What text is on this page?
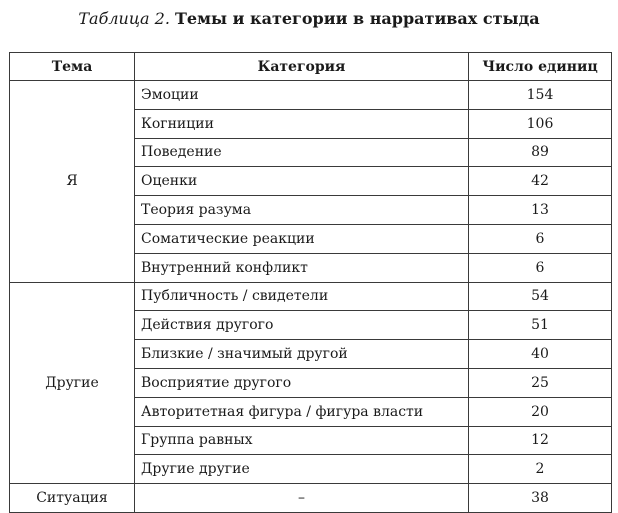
Таблица 2. Темы и категории в нарративах стыда
Тема	Категория	Число единиц
Я	Эмоции	154
	Когниции	106
	Поведение	89
	Оценки	42
	Теория разума	13
	Соматические реакции	6
	Внутренний конфликт	6
Другие	Публичность / свидетели	54
	Действия другого	51
	Близкие / значимый другой	40
	Восприятие другого	25
	Авторитетная фигура / фигура власти	20
	Группа равных	12
	Другие другие	2
Ситуация	–	38
